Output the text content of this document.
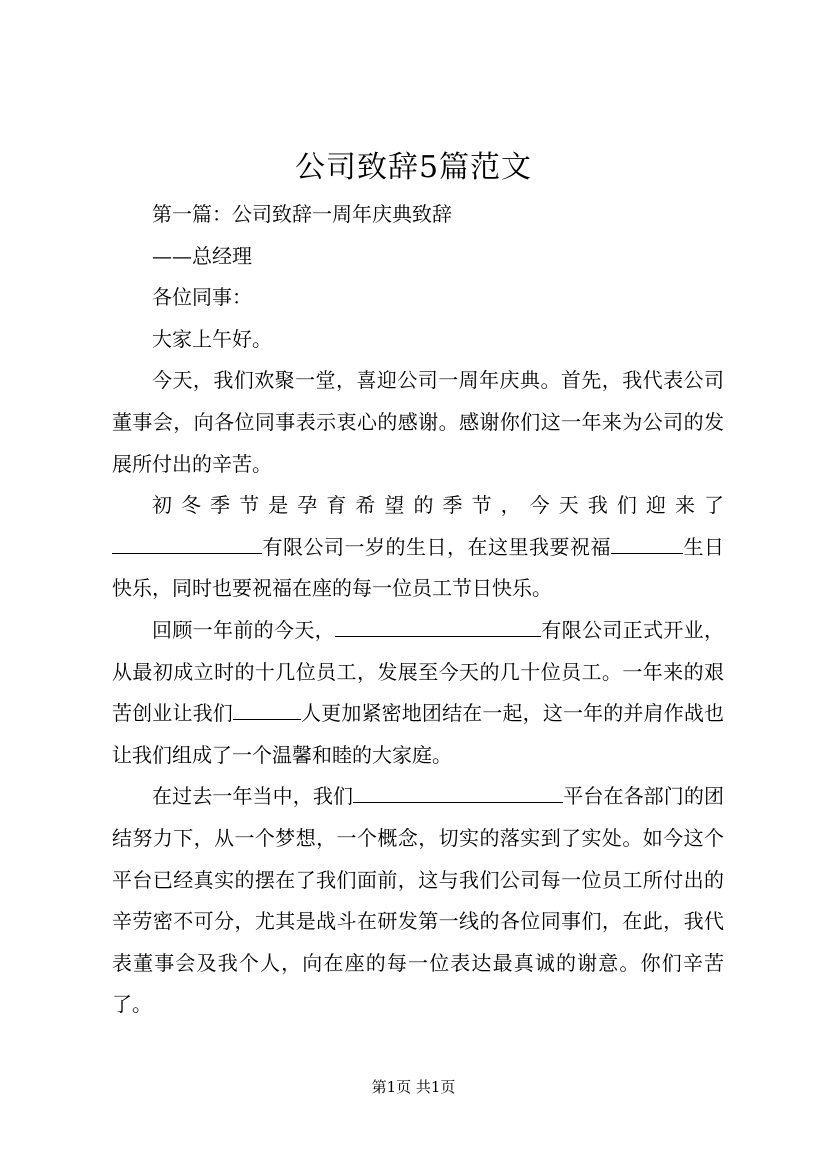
公司致辞5篇范文

第一篇：公司致辞一周年庆典致辞

——总经理

各位同事：

大家上午好。

今天，我们欢聚一堂，喜迎公司一周年庆典。首先，我代表公司董事会，向各位同事表示衷心的感谢。感谢你们这一年来为公司的发展所付出的辛苦。

初冬季节是孕育希望的季节，今天我们迎来了
有限公司一岁的生日，在这里我要祝福	生日快乐，同时也要祝福在座的每一位员工节日快乐。

回顾一年前的今天，	有限公司正式开业，从最初成立时的十几位员工，发展至今天的几十位员工。一年来的艰苦创业让我们	人更加紧密地团结在一起，这一年的并肩作战也让我们组成了一个温馨和睦的大家庭。

在过去一年当中，我们	平台在各部门的团结努力下，从一个梦想，一个概念，切实的落实到了实处。如今这个平台已经真实的摆在了我们面前，这与我们公司每一位员工所付出的辛劳密不可分，尤其是战斗在研发第一线的各位同事们，在此，我代表董事会及我个人，向在座的每一位表达最真诚的谢意。你们辛苦了。

第1页 共1页
